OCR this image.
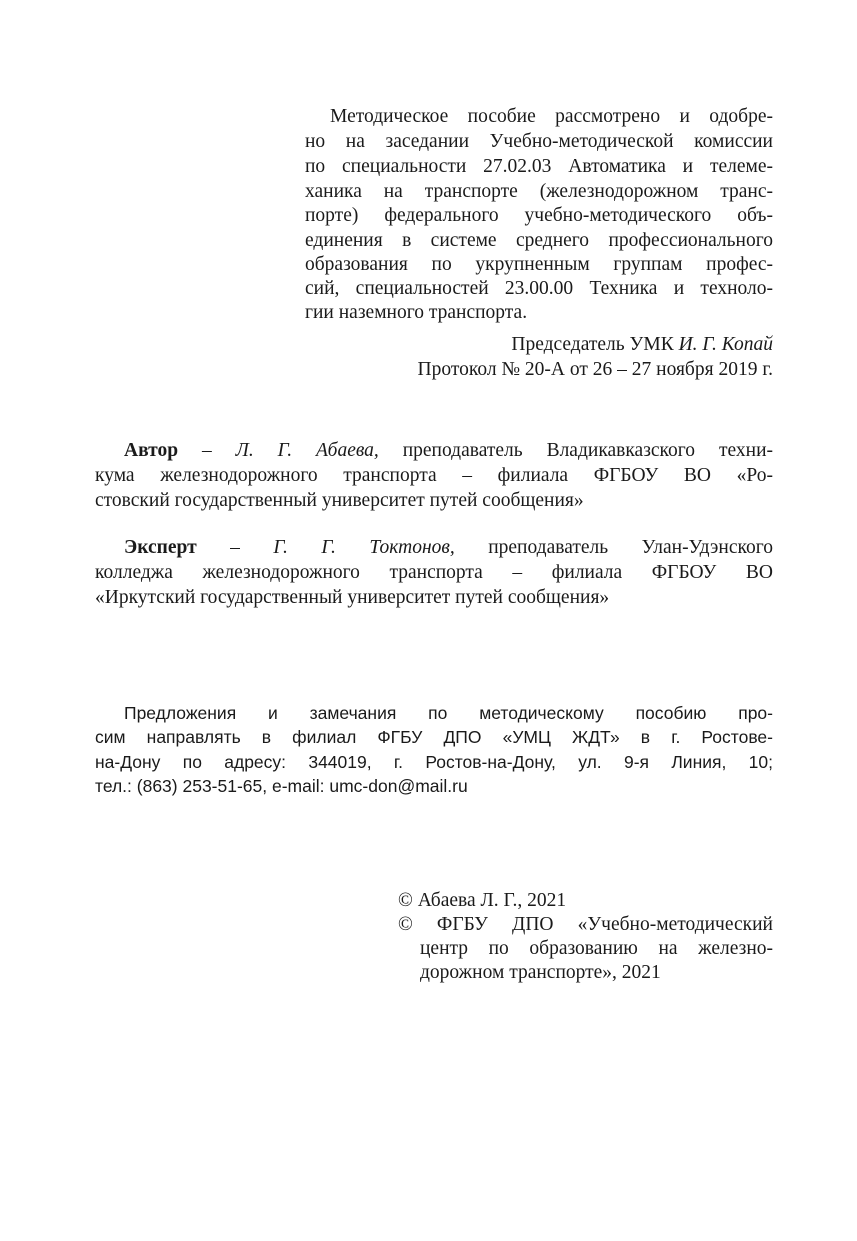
Методическое пособие рассмотрено и одобре-
но на заседании Учебно-методической комиссии
по специальности 27.02.03 Автоматика и телеме-
ханика на транспорте (железнодорожном транс-
порте) федерального учебно-методического объ-
единения в системе среднего профессионального
образования по укрупненным группам профес-
сий, специальностей 23.00.00 Техника и техноло-
гии наземного транспорта.
Председатель УМК И. Г. Копай
Протокол № 20-А от 26 – 27 ноября 2019 г.
Автор – Л. Г. Абаева, преподаватель Владикавказского техни-
кума железнодорожного транспорта – филиала ФГБОУ ВО «Ро-
стовский государственный университет путей сообщения»
Эксперт – Г. Г. Токтонов, преподаватель Улан-Удэнского
колледжа железнодорожного транспорта – филиала ФГБОУ ВО
«Иркутский государственный университет путей сообщения»
Предложения и замечания по методическому пособию про-
сим направлять в филиал ФГБУ ДПО «УМЦ ЖДТ» в г. Ростове-
на-Дону по адресу: 344019, г. Ростов-на-Дону, ул. 9-я Линия, 10;
тел.: (863) 253-51-65, e-mail: umc-don@mail.ru
© Абаева Л. Г., 2021
© ФГБУ ДПО «Учебно-методический
центр по образованию на железно-
дорожном транспорте», 2021
